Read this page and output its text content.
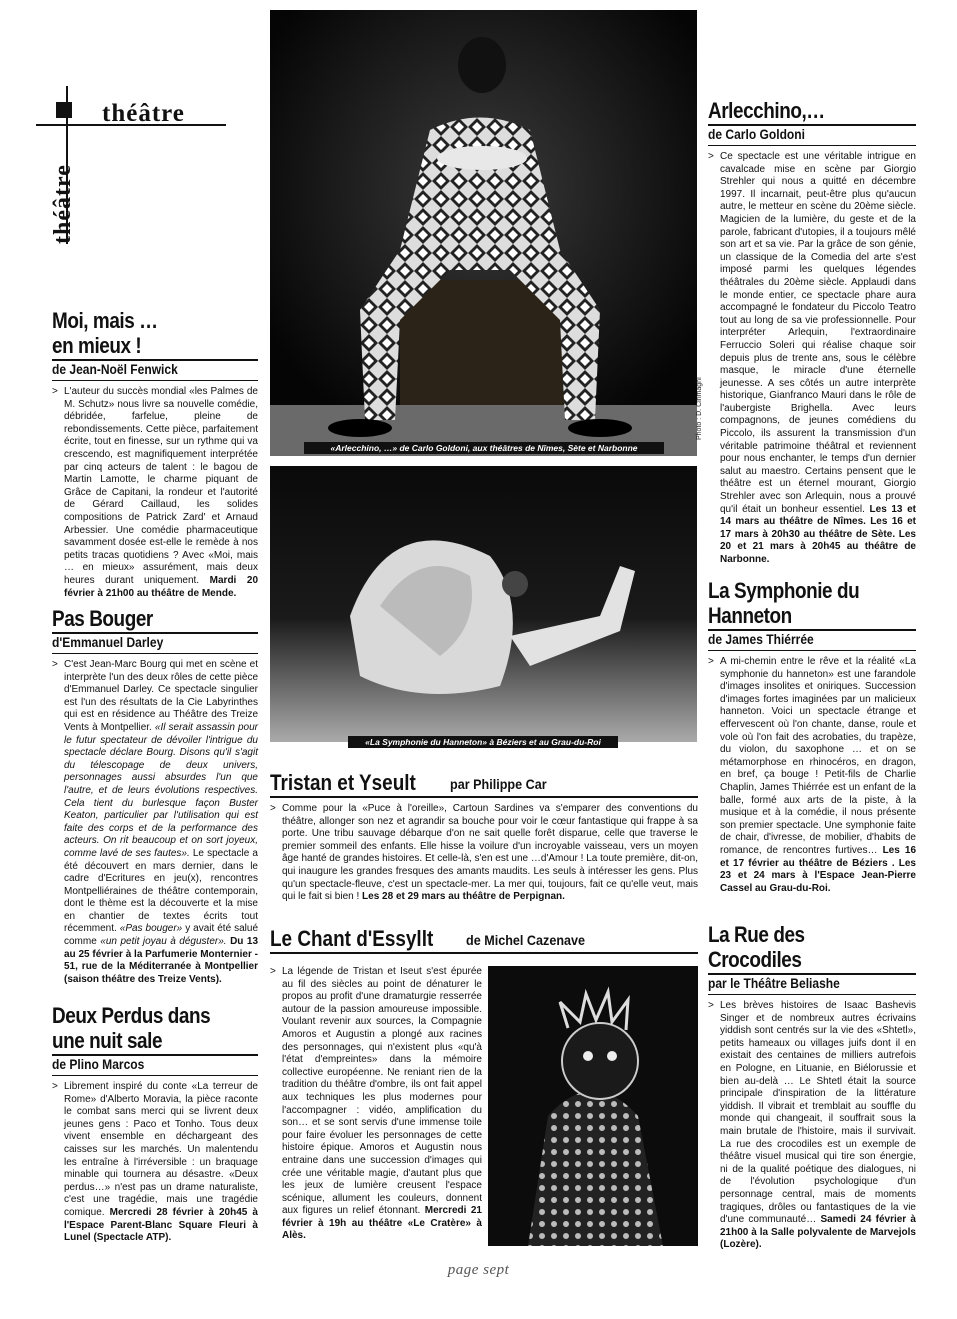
théâtre
théâtre
Moi, mais …
en mieux !
de Jean-Noël Fenwick
> L'auteur du succès mondial «les Palmes de M. Schutz» nous livre sa nouvelle comédie, débridée, farfelue, pleine de rebondissements. Cette pièce, parfaitement écrite, tout en finesse, sur un rythme qui va crescendo, est magnifiquement interprétée par cinq acteurs de talent : le bagou de Martin Lamotte, le charme piquant de Grâce de Capitani, la rondeur et l'autorité de Gérard Caillaud, les solides compositions de Patrick Zard' et Arnaud Arbessier. Une comédie pharmaceutique savamment dosée est-elle le remède à nos petits tracas quotidiens ? Avec «Moi, mais … en mieux» assurément, mais deux heures durant uniquement. Mardi 20 février à 21h00 au théâtre de Mende.
Pas Bouger
d'Emmanuel Darley
> C'est Jean-Marc Bourg qui met en scène et interprète l'un des deux rôles de cette pièce d'Emmanuel Darley. Ce spectacle singulier est l'un des résultats de la Cie Labyrinthes qui est en résidence au Théâtre des Treize Vents à Montpellier. «Il serait assassin pour le futur spectateur de dévoiler l'intrigue du spectacle déclare Bourg. Disons qu'il s'agit du télescopage de deux univers, personnages aussi absurdes l'un que l'autre, et de leurs évolutions respectives. Cela tient du burlesque façon Buster Keaton, particulier par l'utilisation qui est faite des corps et de la performance des acteurs. On rit beaucoup et on sort joyeux, comme lavé de ses fautes». Le spectacle a été découvert en mars dernier, dans le cadre d'Ecritures en jeu(x), rencontres Montpelliéraines de théâtre contemporain, dont le thème est la découverte et la mise en chantier de textes écrits tout récemment. «Pas bouger» y avait été salué comme «un petit joyau à déguster». Du 13 au 25 février à la Parfumerie Monternier - 51, rue de la Méditerranée à Montpellier (saison théâtre des Treize Vents).
Deux Perdus dans
une nuit sale
de Plino Marcos
> Librement inspiré du conte «La terreur de Rome» d'Alberto Moravia, la pièce raconte le combat sans merci qui se livrent deux jeunes gens : Paco et Tonho. Tous deux vivent ensemble en déchargeant des caisses sur les marchés. Un malentendu les entraîne à l'irréversible : un braquage minable qui tournera au désastre. «Deux perdus…» n'est pas un drame naturaliste, c'est une tragédie, mais une tragédie comique. Mercredi 28 février à 20h45 à l'Espace Parent-Blanc Square Fleuri à Lunel (Spectacle ATP).
«Arlecchino, …» de Carlo Goldoni, aux théâtres de Nîmes, Sète et Narbonne
Photo : D. Cirimaghi
«La Symphonie du Hanneton» à Béziers et au Grau-du-Roi
Tristan et Yseult par Philippe Car
> Comme pour la «Puce à l'oreille», Cartoun Sardines va s'emparer des conventions du théâtre, allonger son nez et agrandir sa bouche pour voir le cœur fantastique qui frappe à sa porte. Une tribu sauvage débarque d'on ne sait quelle forêt disparue, celle que traverse le premier sommeil des enfants. Elle hisse la voilure d'un incroyable vaisseau, vers un moyen âge hanté de grandes histoires. Et celle-là, s'en est une …d'Amour ! La toute première, dit-on, qui inaugure les grandes fresques des amants maudits. Les seuls à intéresser les gens. Plus qu'un spectacle-fleuve, c'est un spectacle-mer. La mer qui, toujours, fait ce qu'elle veut, mais qui le fait si bien ! Les 28 et 29 mars au théâtre de Perpignan.
Le Chant d'Essyllt de Michel Cazenave
> La légende de Tristan et Iseut s'est épurée au fil des siècles au point de dénaturer le propos au profit d'une dramaturgie resserrée autour de la passion amoureuse impossible. Voulant revenir aux sources, la Compagnie Amoros et Augustin a plongé aux racines des personnages, qui n'existent plus «qu'à l'état d'empreintes» dans la mémoire collective européenne. Ne reniant rien de la tradition du théâtre d'ombre, ils ont fait appel aux techniques les plus modernes pour l'accompagner : vidéo, amplification du son… et se sont servis d'une immense toile pour faire évoluer les personnages de cette histoire épique. Amoros et Augustin nous entraine dans une succession d'images qui crée une véritable magie, d'autant plus que les jeux de lumière creusent l'espace scénique, allument les couleurs, donnent aux figures un relief étonnant. Mercredi 21 février à 19h au théâtre «Le Cratère» à Alès.
Arlecchino,…
de Carlo Goldoni
> Ce spectacle est une véritable intrigue en cavalcade mise en scène par Giorgio Strehler qui nous a quitté en décembre 1997. Il incarnait, peut-être plus qu'aucun autre, le metteur en scène du 20ème siècle. Magicien de la lumière, du geste et de la parole, fabricant d'utopies, il a toujours mêlé son art et sa vie. Par la grâce de son génie, un classique de la Comedia del arte s'est imposé parmi les quelques légendes théâtrales du 20ème siècle. Applaudi dans le monde entier, ce spectacle phare aura accompagné le fondateur du Piccolo Teatro tout au long de sa vie professionnelle. Pour interpréter Arlequin, l'extraordinaire Ferruccio Soleri qui réalise chaque soir depuis plus de trente ans, sous le célèbre masque, le miracle d'une éternelle jeunesse. A ses côtés un autre interprète historique, Gianfranco Mauri dans le rôle de l'aubergiste Brighella. Avec leurs compagnons, de jeunes comédiens du Piccolo, ils assurent la transmission d'un véritable patrimoine théâtral et reviennent pour nous enchanter, le temps d'un dernier salut au maestro. Certains pensent que le théâtre est un éternel mourant, Giorgio Strehler avec son Arlequin, nous a prouvé qu'il était un bonheur essentiel. Les 13 et 14 mars au théâtre de Nîmes. Les 16 et 17 mars à 20h30 au théâtre de Sète. Les 20 et 21 mars à 20h45 au théâtre de Narbonne.
La Symphonie du
Hanneton
de James Thiérrée
> A mi-chemin entre le rêve et la réalité «La symphonie du hanneton» est une farandole d'images insolites et oniriques. Succession d'images fortes imaginées par un malicieux hanneton. Voici un spectacle étrange et effervescent où l'on chante, danse, roule et vole où l'on fait des acrobaties, du trapèze, du violon, du saxophone … et on se métamorphose en rhinocéros, en dragon, en bref, ça bouge ! Petit-fils de Charlie Chaplin, James Thiérrée est un enfant de la balle, formé aux arts de la piste, à la musique et à la comédie, il nous présente son premier spectacle. Une symphonie faite de chair, d'ivresse, de mobilier, d'habits de romance, de rencontres furtives… Les 16 et 17 février au théâtre de Béziers . Les 23 et 24 mars à l'Espace Jean-Pierre Cassel au Grau-du-Roi.
La Rue des
Crocodiles
par le Théâtre Beliashe
> Les brèves histoires de Isaac Bashevis Singer et de nombreux autres écrivains yiddish sont centrés sur la vie des «Shtetl», petits hameaux ou villages juifs dont il en existait des centaines de milliers autrefois en Pologne, en Lituanie, en Biélorussie et bien au-delà … Le Shtetl était la source principale d'inspiration de la littérature yiddish. Il vibrait et tremblait au souffle du monde qui changeait, il souffrait sous la main brutale de l'histoire, mais il survivait. La rue des crocodiles est un exemple de théâtre visuel musical qui tire son énergie, ni de la qualité poétique des dialogues, ni de l'évolution psychologique d'un personnage central, mais de moments tragiques, drôles ou fantastiques de la vie d'une communauté… Samedi 24 février à 21h00 à la Salle polyvalente de Marvejols (Lozère).
page sept
